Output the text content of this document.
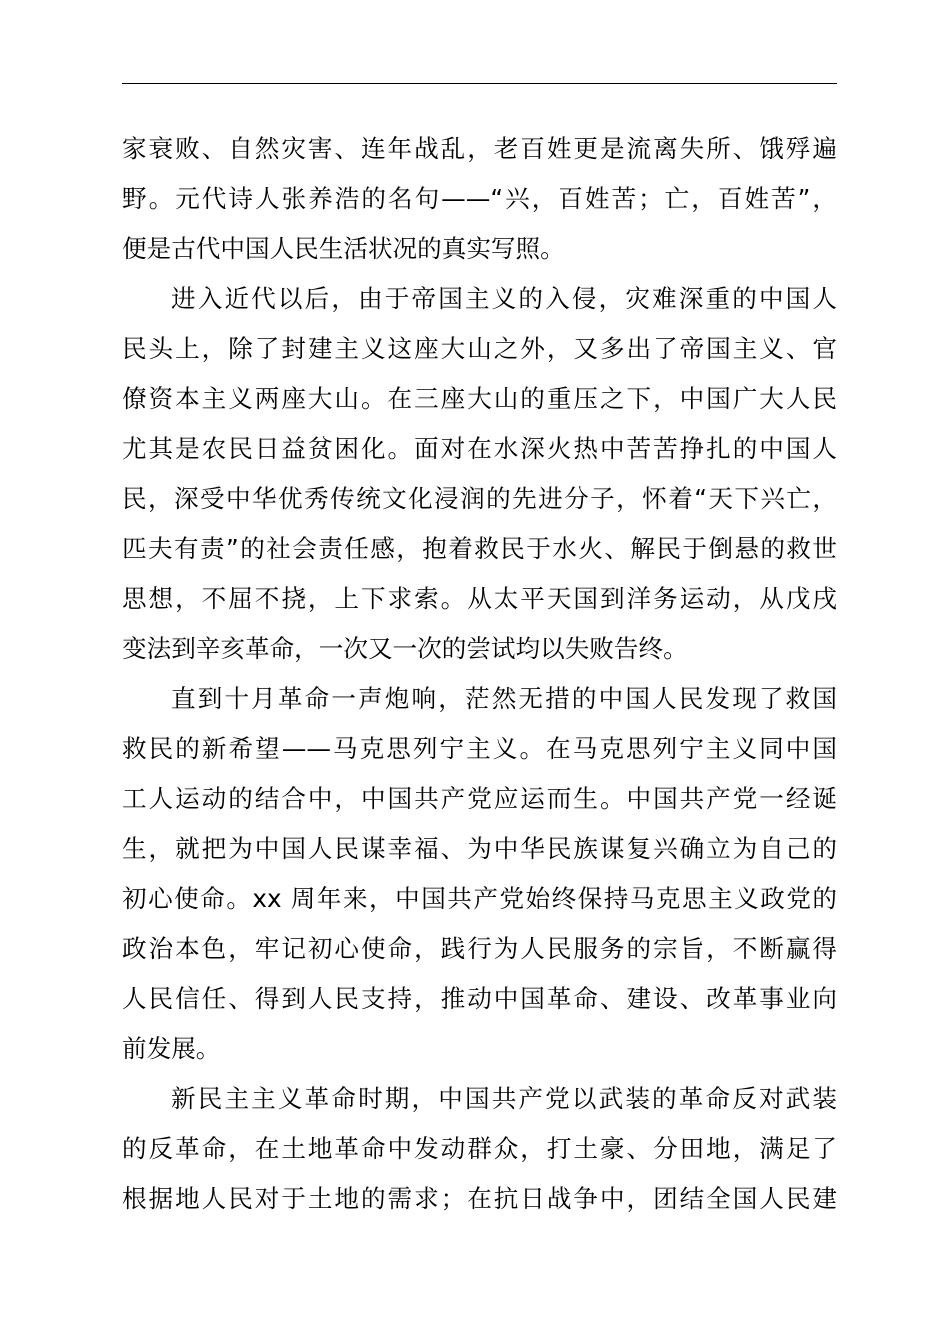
家衰败、自然灾害、连年战乱，老百姓更是流离失所、饿殍遍
野。元代诗人张养浩的名句——“兴，百姓苦；亡，百姓苦”，
便是古代中国人民生活状况的真实写照。
进入近代以后，由于帝国主义的入侵，灾难深重的中国人
民头上，除了封建主义这座大山之外，又多出了帝国主义、官
僚资本主义两座大山。在三座大山的重压之下，中国广大人民
尤其是农民日益贫困化。面对在水深火热中苦苦挣扎的中国人
民，深受中华优秀传统文化浸润的先进分子，怀着“天下兴亡，
匹夫有责”的社会责任感，抱着救民于水火、解民于倒悬的救世
思想，不屈不挠，上下求索。从太平天国到洋务运动，从戊戌
变法到辛亥革命，一次又一次的尝试均以失败告终。
直到十月革命一声炮响，茫然无措的中国人民发现了救国
救民的新希望——马克思列宁主义。在马克思列宁主义同中国
工人运动的结合中，中国共产党应运而生。中国共产党一经诞
生，就把为中国人民谋幸福、为中华民族谋复兴确立为自己的
初心使命。xx 周年来，中国共产党始终保持马克思主义政党的
政治本色，牢记初心使命，践行为人民服务的宗旨，不断赢得
人民信任、得到人民支持，推动中国革命、建设、改革事业向
前发展。
新民主主义革命时期，中国共产党以武装的革命反对武装
的反革命，在土地革命中发动群众，打土豪、分田地，满足了
根据地人民对于土地的需求；在抗日战争中，团结全国人民建
